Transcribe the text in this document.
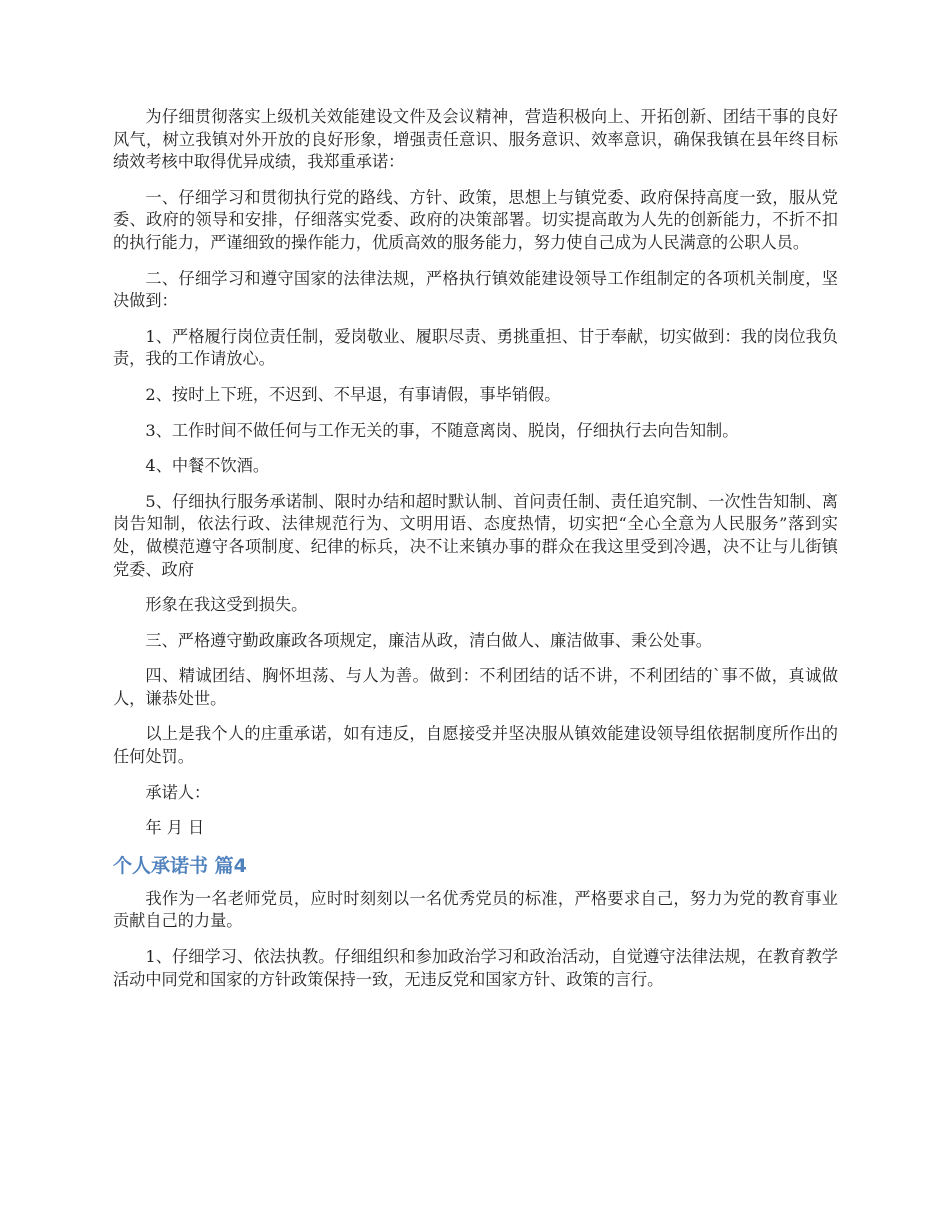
为仔细贯彻落实上级机关效能建设文件及会议精神，营造积极向上、开拓创新、团结干事的良好风气，树立我镇对外开放的良好形象，增强责任意识、服务意识、效率意识，确保我镇在县年终目标绩效考核中取得优异成绩，我郑重承诺：

一、仔细学习和贯彻执行党的路线、方针、政策，思想上与镇党委、政府保持高度一致，服从党委、政府的领导和安排，仔细落实党委、政府的决策部署。切实提高敢为人先的创新能力，不折不扣的执行能力，严谨细致的操作能力，优质高效的服务能力，努力使自己成为人民满意的公职人员。

二、仔细学习和遵守国家的法律法规，严格执行镇效能建设领导工作组制定的各项机关制度，坚决做到：

1、严格履行岗位责任制，爱岗敬业、履职尽责、勇挑重担、甘于奉献，切实做到：我的岗位我负责，我的工作请放心。

2、按时上下班，不迟到、不早退，有事请假，事毕销假。

3、工作时间不做任何与工作无关的事，不随意离岗、脱岗，仔细执行去向告知制。

4、中餐不饮酒。

5、仔细执行服务承诺制、限时办结和超时默认制、首问责任制、责任追究制、一次性告知制、离岗告知制，依法行政、法律规范行为、文明用语、态度热情，切实把“全心全意为人民服务”落到实处，做模范遵守各项制度、纪律的标兵，决不让来镇办事的群众在我这里受到冷遇，决不让与儿街镇党委、政府

形象在我这受到损失。

三、严格遵守勤政廉政各项规定，廉洁从政，清白做人、廉洁做事、秉公处事。

四、精诚团结、胸怀坦荡、与人为善。做到：不利团结的话不讲，不利团结的`事不做，真诚做人，谦恭处世。

以上是我个人的庄重承诺，如有违反，自愿接受并坚决服从镇效能建设领导组依据制度所作出的任何处罚。

承诺人：

年 月 日

个人承诺书 篇4

我作为一名老师党员，应时时刻刻以一名优秀党员的标准，严格要求自己，努力为党的教育事业贡献自己的力量。

1、仔细学习、依法执教。仔细组织和参加政治学习和政治活动，自觉遵守法律法规，在教育教学活动中同党和国家的方针政策保持一致，无违反党和国家方针、政策的言行。
